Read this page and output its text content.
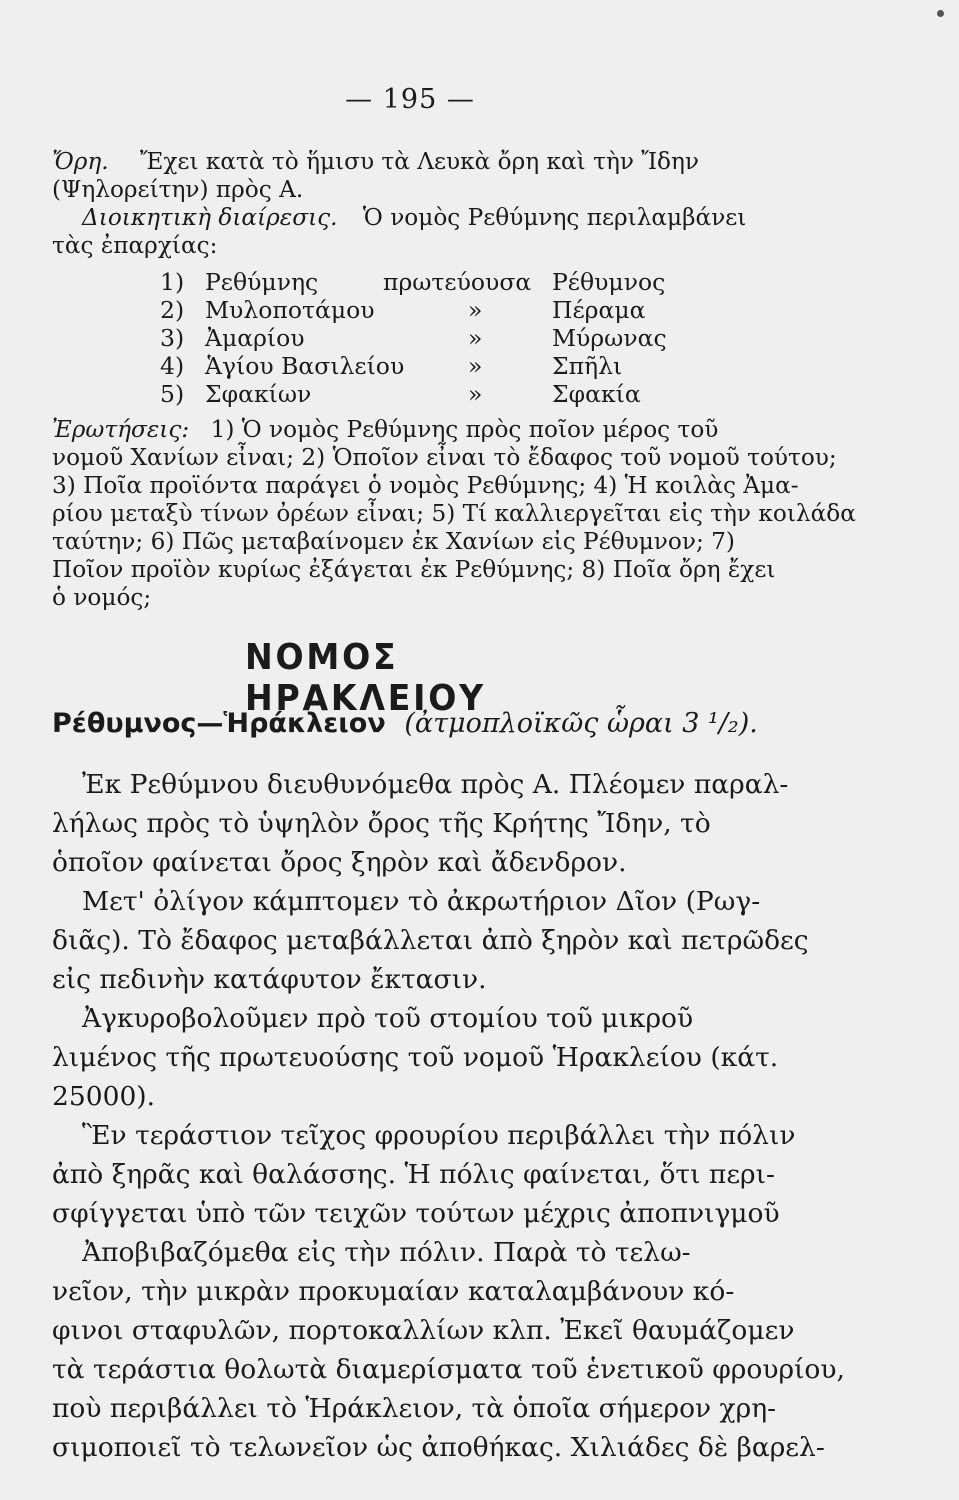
— 195 —
Ὄρη. Ἔχει κατὰ τὸ ἥμισυ τὰ Λευκὰ ὄρη καὶ τὴν Ἴδην
(Ψηλορείτην) πρὸς Α.
Διοικητικὴ διαίρεσις. Ὁ νομὸς Ρεθύμνης περιλαμβάνει
τὰς ἐπαρχίας:
1) Ρεθύμνης	πρωτεύουσα Ρέθυμνος
2) Μυλοποτάμου	»	Πέραμα
3) Ἀμαρίου	»	Μύρωνας
4) Ἁγίου Βασιλείου	»	Σπῆλι
5) Σφακίων	»	Σφακία
Ἐρωτήσεις: 1) Ὁ νομὸς Ρεθύμνης πρὸς ποῖον μέρος τοῦ
νομοῦ Χανίων εἶναι; 2) Ὁποῖον εἶναι τὸ ἔδαφος τοῦ νομοῦ τούτου;
3) Ποῖα προϊόντα παράγει ὁ νομὸς Ρεθύμνης; 4) Ἡ κοιλὰς Ἀμα-
ρίου μεταξὺ τίνων ὀρέων εἶναι; 5) Τί καλλιεργεῖται εἰς τὴν κοιλάδα
ταύτην; 6) Πῶς μεταβαίνομεν ἐκ Χανίων εἰς Ρέθυμνον; 7)
Ποῖον προϊὸν κυρίως ἐξάγεται ἐκ Ρεθύμνης; 8) Ποῖα ὄρη ἔχει
ὁ νομός;
ΝΟΜΟΣ ΗΡΑΚΛΕΙΟΥ
Ρέθυμνος—Ἡράκλειον (ἀτμοπλοϊκῶς ὧραι 3 ¹/₂).
Ἐκ Ρεθύμνου διευθυνόμεθα πρὸς Α. Πλέομεν παραλ-
λήλως πρὸς τὸ ὑψηλὸν ὄρος τῆς Κρήτης Ἴδην, τὸ
ὁποῖον φαίνεται ὄρος ξηρὸν καὶ ἄδενδρον.
Μετ' ὀλίγον κάμπτομεν τὸ ἀκρωτήριον Δῖον (Ρωγ-
διᾶς). Τὸ ἔδαφος μεταβάλλεται ἀπὸ ξηρὸν καὶ πετρῶδες
εἰς πεδινὴν κατάφυτον ἔκτασιν.
Ἀγκυροβολοῦμεν πρὸ τοῦ στομίου τοῦ μικροῦ
λιμένος τῆς πρωτευούσης τοῦ νομοῦ Ἡρακλείου (κάτ.
25000).
Ἓν τεράστιον τεῖχος φρουρίου περιβάλλει τὴν πόλιν
ἀπὸ ξηρᾶς καὶ θαλάσσης. Ἡ πόλις φαίνεται, ὅτι περι-
σφίγγεται ὑπὸ τῶν τειχῶν τούτων μέχρις ἀποπνιγμοῦ
Ἀποβιβαζόμεθα εἰς τὴν πόλιν. Παρὰ τὸ τελω-
νεῖον, τὴν μικρὰν προκυμαίαν καταλαμβάνουν κό-
φινοι σταφυλῶν, πορτοκαλλίων κλπ. Ἐκεῖ θαυμάζομεν
τὰ τεράστια θολωτὰ διαμερίσματα τοῦ ἑνετικοῦ φρουρίου,
ποὺ περιβάλλει τὸ Ἡράκλειον, τὰ ὁποῖα σήμερον χρη-
σιμοποιεῖ τὸ τελωνεῖον ὡς ἀποθήκας. Χιλιάδες δὲ βαρελ-
